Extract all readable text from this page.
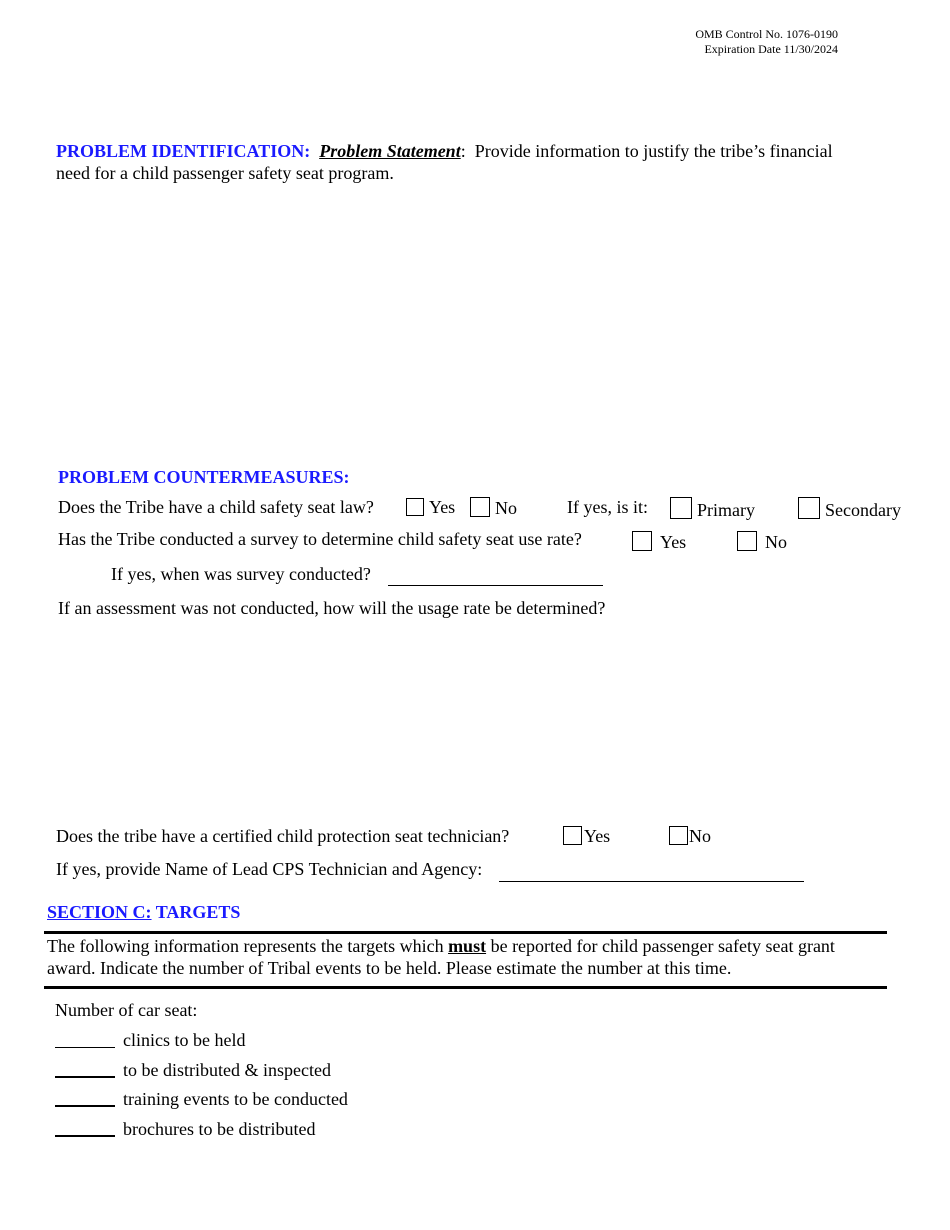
OMB Control No. 1076-0190
Expiration Date 11/30/2024
PROBLEM IDENTIFICATION: Problem Statement: Provide information to justify the tribe’s financial
need for a child passenger safety seat program.
PROBLEM COUNTERMEASURES:
Does the Tribe have a child safety seat law?	Yes	No	If yes, is it:	Primary	Secondary
Has the Tribe conducted a survey to determine child safety seat use rate?	Yes	No
If yes, when was survey conducted?
If an assessment was not conducted, how will the usage rate be determined?
Does the tribe have a certified child protection seat technician?	Yes	No
If yes, provide Name of Lead CPS Technician and Agency:
SECTION C: TARGETS
The following information represents the targets which must be reported for child passenger safety seat grant
award. Indicate the number of Tribal events to be held. Please estimate the number at this time.
Number of car seat:
clinics to be held
to be distributed & inspected
training events to be conducted
brochures to be distributed
